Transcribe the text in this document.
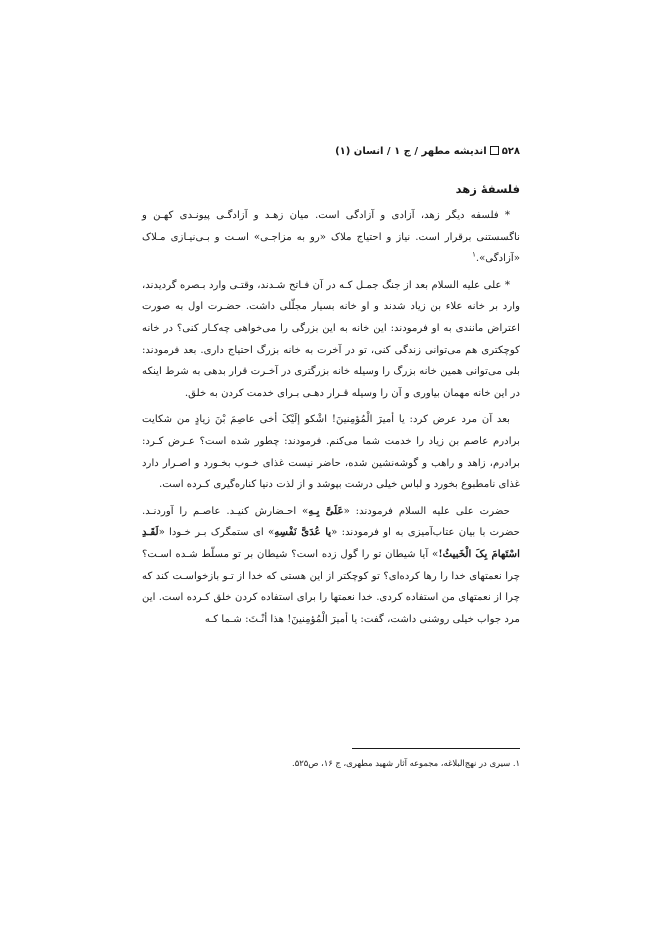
۵۲۸اندیشه مطهر / ج ۱ / انسان (۱)
فلسفهٔ زهد

* فلسفه دیگر زهد، آزادی و آزادگی است. میان زهـد و آزادگـی پیونـدی کهـن و ناگسستنی برقرار است. نیاز و احتیاج ملاک «رو به مزاجـی» اسـت و بـی‌نیـازی مـلاک «آزادگی».$^۱$

* علی علیه السلام بعد از جنگ جمـل کـه در آن فـاتح شـدند، وقتـی وارد بـصره گردیدند، وارد بر خانه علاء بن زیاد شدند و او خانه بسیار مجلّلی داشت. حضـرت اول به صورت اعتراض مانندی به او فرمودند: این خانه به این بزرگی را می‌خواهی چه‌کـار کنی؟ در خانه کوچکتری هم می‌توانی زندگی کنی، تو در آخرت به خانه بزرگ احتیاج داری. بعد فرمودند: بلی می‌توانی همین خانه بزرگ را وسیله خانه بزرگتری در آخـرت قرار بدهی به شرط اینکه در این خانه مهمان بیاوری و آن را وسیله قـرار دهـی بـرای خدمت کردن به خلق.

بعد آن مرد عرض کرد: یا أمیرَ الْمُؤمِنینَ! اشْکو إلَیْکَ أخی عاصِمَ بْنَ زیادٍ من شکایت برادرم عاصم بن زیاد را خدمت شما می‌کنم. فرمودند: چطور شده است؟ عـرض کـرد: برادرم، زاهد و راهب و گوشه‌نشین شده، حاضر نیست غذای خـوب بخـورد و اصـرار دارد غذای نامطبوع بخورد و لباس خیلی درشت بپوشد و از لذت دنیا کناره‌گیری کـرده است.

حضرت علی علیه السلام فرمودند: «عَلَیَّ بِـهِ» احـضارش کنیـد. عاصـم را آوردنـد. حضرت با بیان عتاب‌آمیزی به او فرمودند: «یا عُدَیَّ نَفْسِهِ» ای ستمگرک بـر خـودا «لَقَـدِ اسْتَهامَ بِکَ الْخَبیثُ!» آیا شیطان تو را گول زده است؟ شیطان بر تو مسلّط شـده اسـت؟ چرا نعمتهای خدا را رها کرده‌ای؟ تو کوچکتر از این هستی که خدا از تـو بازخواسـت کند که چرا از نعمتهای من استفاده کردی. خدا نعمتها را برای استفاده کردن خلق کـرده است. این مرد جواب خیلی روشنی داشت، گفت: یا أمیرَ الْمُؤمِنینَ! هذا أنْـتَ: شـما کـه

۱. سیری در نهج‌البلاغه، مجموعه آثار شهید مطهری، ج ۱۶، ص۵۲۵.
